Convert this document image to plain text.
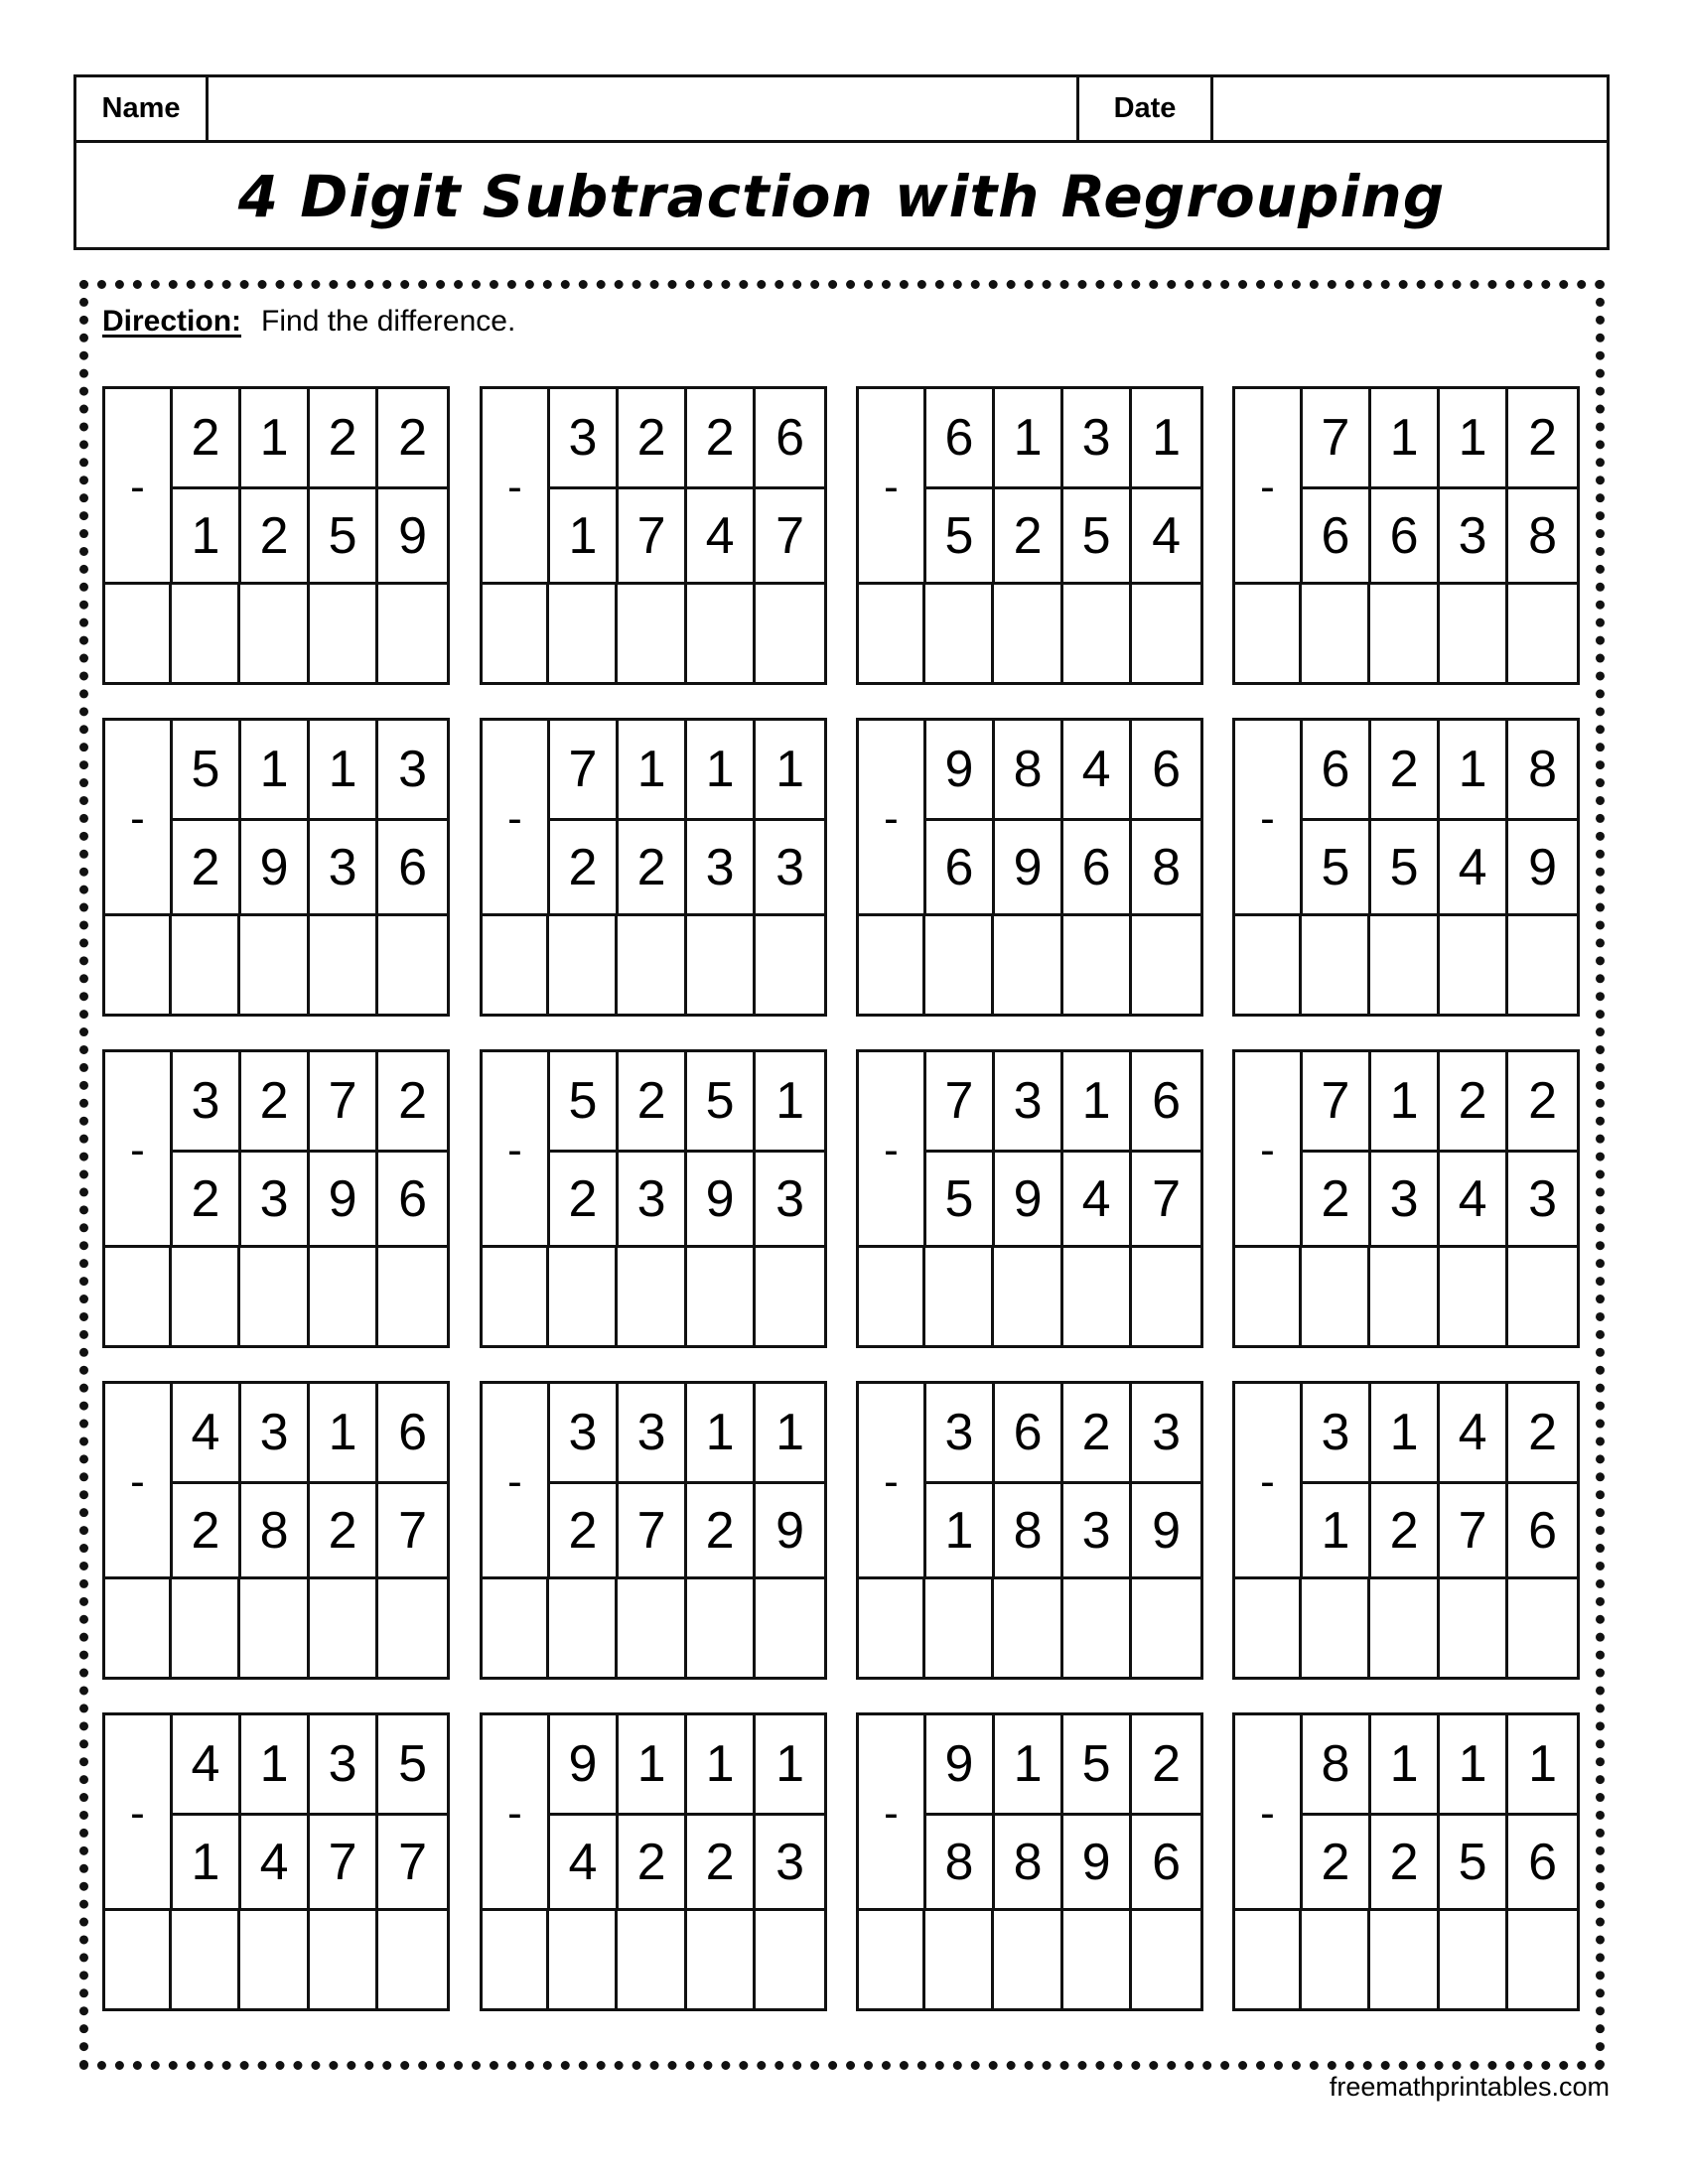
Name	Date
4 Digit Subtraction with Regrouping
Direction: Find the difference.
-
2 1 2 2
1 2 5 9
-
3 2 2 6
1 7 4 7
-
6 1 3 1
5 2 5 4
-
7 1 1 2
6 6 3 8
-
5 1 1 3
2 9 3 6
-
7 1 1 1
2 2 3 3
-
9 8 4 6
6 9 6 8
-
6 2 1 8
5 5 4 9
-
3 2 7 2
2 3 9 6
-
5 2 5 1
2 3 9 3
-
7 3 1 6
5 9 4 7
-
7 1 2 2
2 3 4 3
-
4 3 1 6
2 8 2 7
-
3 3 1 1
2 7 2 9
-
3 6 2 3
1 8 3 9
-
3 1 4 2
1 2 7 6
-
4 1 3 5
1 4 7 7
-
9 1 1 1
4 2 2 3
-
9 1 5 2
8 8 9 6
-
8 1 1 1
2 2 5 6
freemathprintables.com
